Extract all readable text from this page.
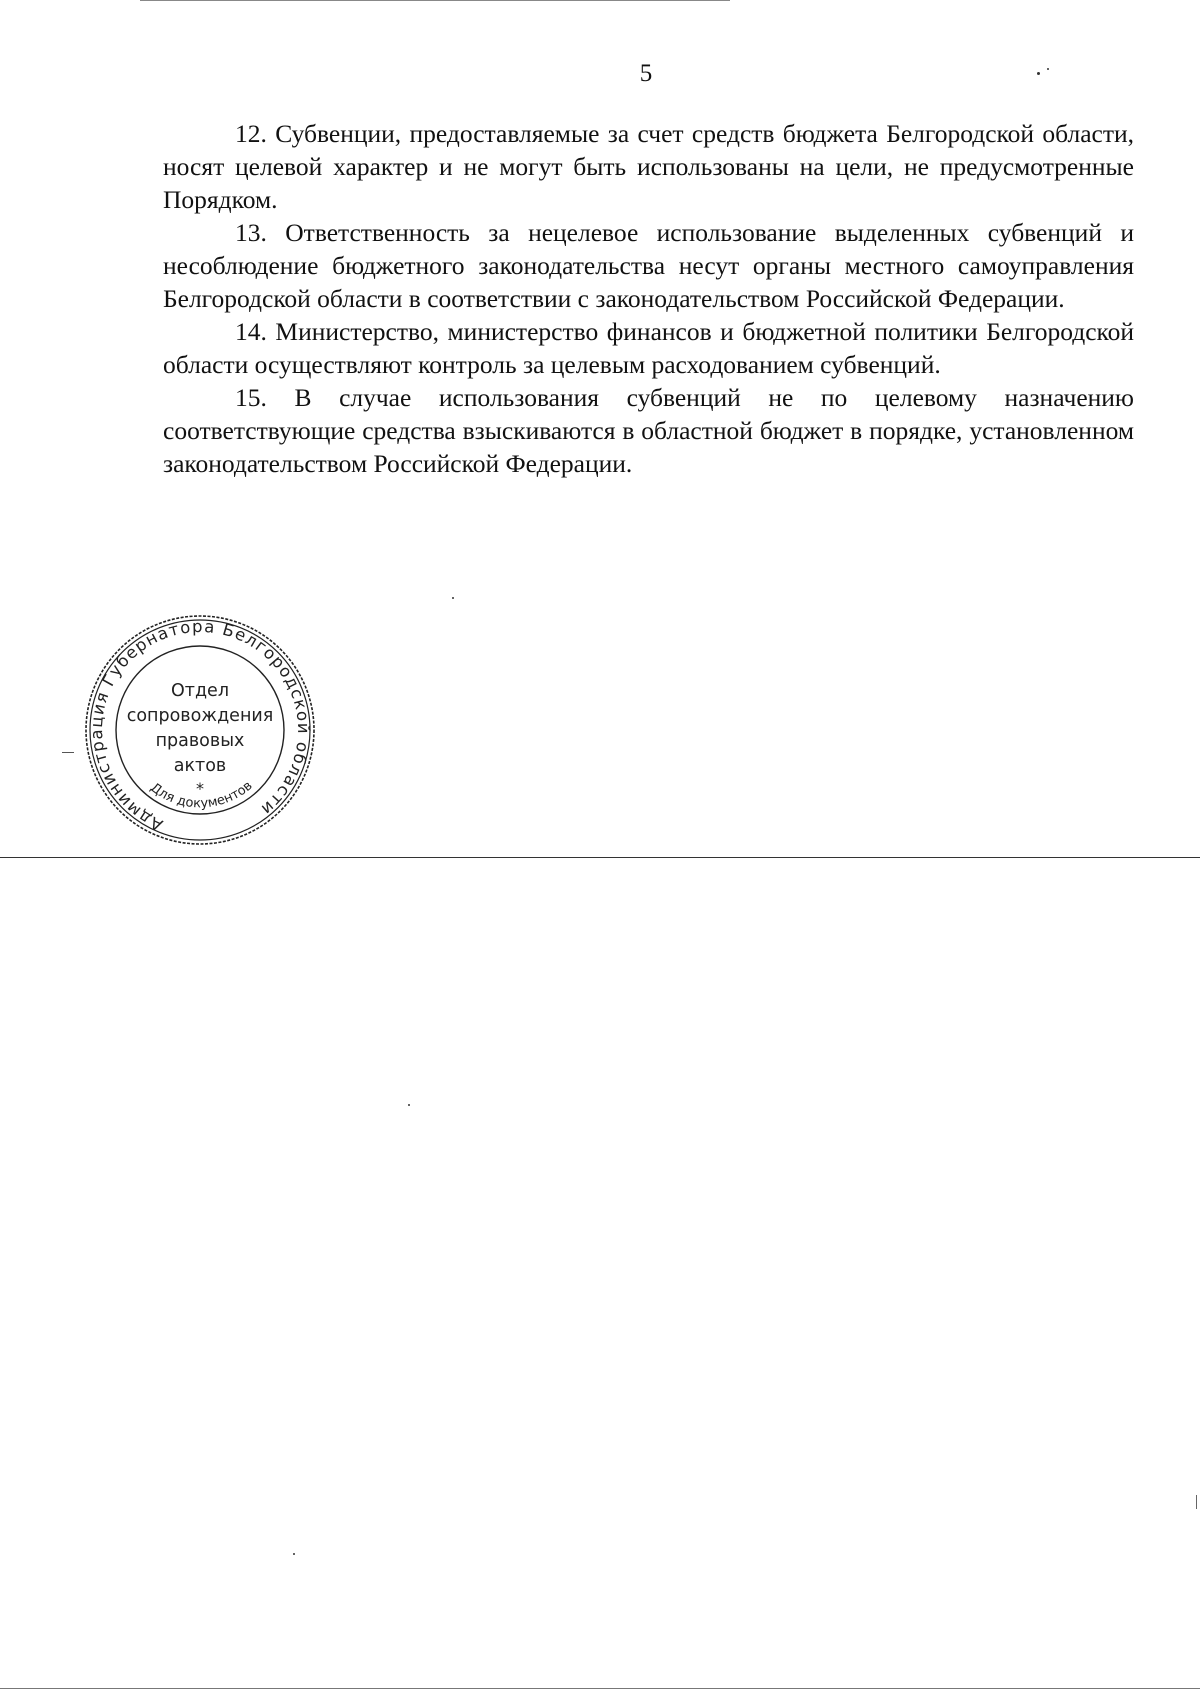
5

12. Субвенции, предоставляемые за счет средств бюджета Белгородской области, носят целевой характер и не могут быть использованы на цели, не предусмотренные Порядком.

13. Ответственность за нецелевое использование выделенных субвенций и несоблюдение бюджетного законодательства несут органы местного самоуправления Белгородской области в соответствии с законодательством Российской Федерации.

14. Министерство, министерство финансов и бюджетной политики Белгородской области осуществляют контроль за целевым расходованием субвенций.

15. В случае использования субвенций не по целевому назначению соответствующие средства взыскиваются в областной бюджет в порядке, установленном законодательством Российской Федерации.

Администрация Губернатора Белгородской области
Для документов
*
Отдел
сопровождения
правовых
актов
